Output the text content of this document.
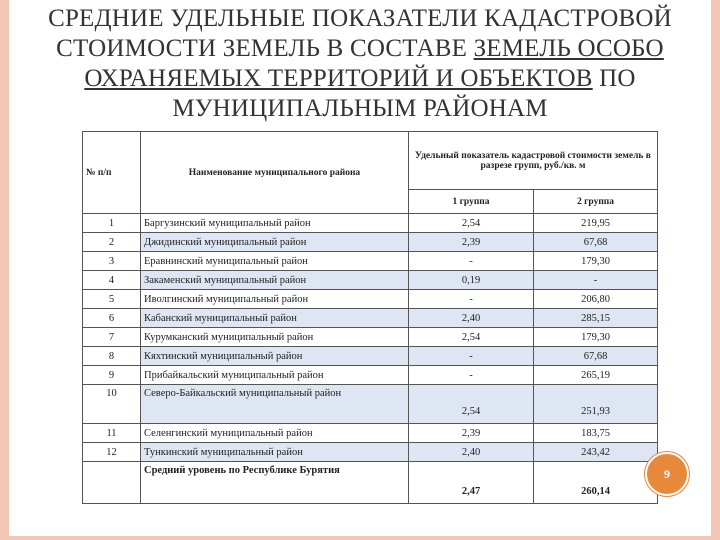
СРЕДНИЕ УДЕЛЬНЫЕ ПОКАЗАТЕЛИ КАДАСТРОВОЙ
СТОИМОСТИ ЗЕМЕЛЬ В СОСТАВЕ ЗЕМЕЛЬ ОСОБО
ОХРАНЯЕМЫХ ТЕРРИТОРИЙ И ОБЪЕКТОВ ПО
МУНИЦИПАЛЬНЫМ РАЙОНАМ
№ п/п	Наименование муниципального района	Удельный показатель кадастровой стоимости земель в разрезе групп, руб./кв. м	
		1 группа	2 группа
1	Баргузинский муниципальный район	2,54	219,95
2	Джидинский муниципальный район	2,39	67,68
3	Еравнинский муниципальный район	-	179,30
4	Закаменский муниципальный район	0,19	-
5	Иволгинский муниципальный район	-	206,80
6	Кабанский муниципальный район	2,40	285,15
7	Курумканский муниципальный район	2,54	179,30
8	Кяхтинский муниципальный район	-	67,68
9	Прибайкальский муниципальный район	-	265,19
10	Северо-Байкальский муниципальный район	2,54	251,93
11	Селенгинский муниципальный район	2,39	183,75
12	Тункинский муниципальный район	2,40	243,42
	Средний уровень по Республике Бурятия	2,47	260,14
9
